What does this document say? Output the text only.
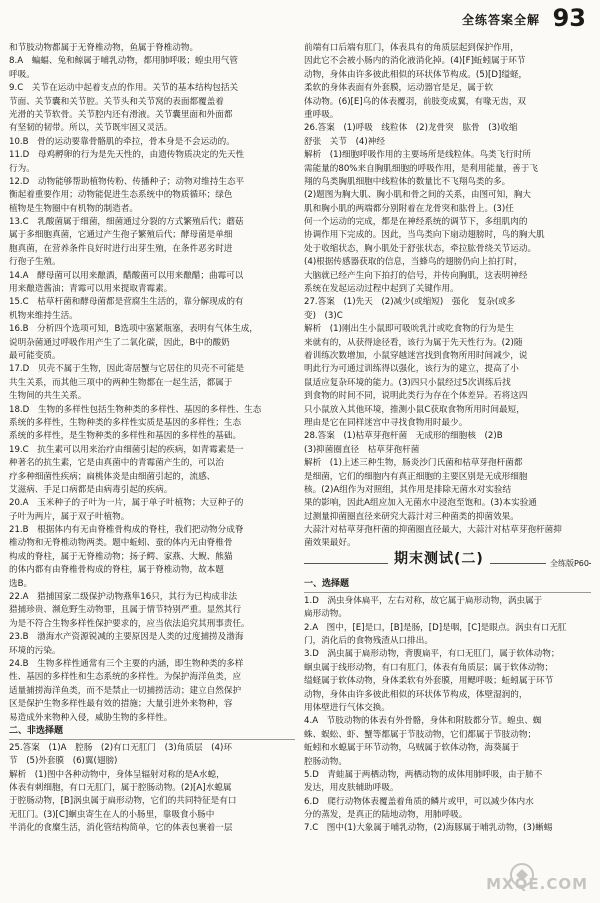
全练答案全解 93
和节肢动物都属于无脊椎动物，鱼属于脊椎动物。
8.A　蝙蝠、兔和鲸属于哺乳动物，都用肺呼吸；蝗虫用气管
呼吸。
9.C　关节在运动中起着支点的作用。关节的基本结构包括关
节面、关节囊和关节腔。关节头和关节窝的表面都覆盖着
光滑的关节软骨。关节腔内还有滑液。关节囊里面和外面都
有坚韧的韧带。所以，关节既牢固又灵活。
10.B　骨的运动要靠骨骼肌的牵拉，骨本身是不会运动的。
11.D　母鸡孵卵的行为是先天性的，由遗传物质决定的先天性
行为。
12.D　动物能够帮助植物传粉、传播种子；动物对维持生态平
衡起着重要作用；动物能促进生态系统中的物质循环；绿色
植物是生物圈中有机物的制造者。
13.C　乳酸菌属于细菌，细菌通过分裂的方式繁殖后代；蘑菇
属于多细胞真菌，它通过产生孢子繁殖后代；酵母菌是单细
胞真菌，在营养条件良好时进行出芽生殖，在条件恶劣时进
行孢子生殖。
14.A　酵母菌可以用来酿酒，醋酸菌可以用来酿醋；曲霉可以
用来酿造酱油；青霉可以用来提取青霉素。
15.C　枯草杆菌和酵母菌都是营腐生生活的，靠分解现成的有
机物来维持生活。
16.B　分析四个选项可知，B选项中塞紧瓶塞，表明有气体生成，
说明杂菌通过呼吸作用产生了二氧化碳，因此，B中的酸奶
最可能变质。
17.D　贝壳不属于生物，因此寄居蟹与它居住的贝壳不可能是
共生关系，而其他三项中的两种生物都在一起生活，都属于
生物间的共生关系。
18.D　生物的多样性包括生物种类的多样性、基因的多样性、生态
系统的多样性，生物种类的多样性实质是基因的多样性；生态
系统的多样性，是生物种类的多样性和基因的多样性的基础。
19.C　抗生素可以用来治疗由细菌引起的疾病，如青霉素是一
种著名的抗生素，它是由真菌中的青霉菌产生的，可以治
疗多种细菌性疾病；扁桃体炎是由细菌引起的，流感、
艾滋病、手足口病都是由病毒引起的疾病。
20.A　玉米种子的子叶为一片，属于单子叶植物；大豆种子的
子叶为两片，属于双子叶植物。
21.B　根据体内有无由脊椎骨构成的脊柱，我们把动物分成脊
椎动物和无脊椎动物两类。题中蚯蚓、蚕的体内无由脊椎骨
构成的脊柱，属于无脊椎动物；扬子鳄、家燕、大鲵、熊猫
的体内都有由脊椎骨构成的脊柱，属于脊椎动物，故本题
选B。
22.A　猎捕国家二级保护动物燕隼16只，其行为已构成非法
猎捕珍贵、濒危野生动物罪，且属于情节特别严重。显然其行
为是不符合生物多样性保护要求的，应当依法追究其刑事责任。
23.B　渤海水产资源锐减的主要原因是人类的过度捕捞及渤海
环境的污染。
24.B　生物多样性通常有三个主要的内涵，即生物种类的多样
性、基因的多样性和生态系统的多样性。为保护海洋鱼类，应
适量捕捞海洋鱼类，而不是禁止一切捕捞活动；建立自然保护
区是保护生物多样性最有效的措施；大量引进外来物种，容
易造成外来物种入侵，威胁生物的多样性。
二、非选择题
25.答案　(1)A　腔肠　(2)有口无肛门　(3)角质层　(4)环
节　(5)外套膜　(6)翼(翅膀)
解析　(1)图中各种动物中，身体呈辐射对称的是A水螅，
体表有刺细胞，有口无肛门，属于腔肠动物。(2)[A]水螅属
于腔肠动物，[B]涡虫属于扁形动物，它们的共同特征是有口
无肛门。(3)[C]蛔虫寄生在人的小肠里，靠吸食小肠中
半消化的食糜生活，消化管结构简单，它的体表包裹着一层
前端有口后端有肛门，体表具有的角质层起到保护作用，
因此它不会被小肠内的消化液消化掉。(4)[F]蚯蚓属于环节
动物，身体由许多彼此相似的环状体节构成。(5)[D]缢蛏，
柔软的身体表面有外套膜，运动器官是足，属于软
体动物。(6)[E]乌的体表覆羽，前肢变成翼，有喙无齿，双
重呼吸。
26.答案　(1)呼吸　线粒体　(2)龙骨突　肱骨　(3)收缩
舒张　关节　(4)神经
解析　(1)细胞呼吸作用的主要场所是线粒体。鸟类飞行时所
需能量的80%来自胸肌细胞的呼吸作用，是利用能量，善于飞
翔的鸟类胸肌细胞中线粒体的数量比不飞翔鸟类的多。
(2)题图为胸大肌、胸小肌和骨之间的关系，由图可知，胸大
肌和胸小肌的两端都分别附着在龙骨突和肱骨上。(3)任
何一个运动的完成，都是在神经系统的调节下，多组肌肉的
协调作用下完成的。因此，当鸟类向下扇动翅膀时，鸟的胸大肌
处于收缩状态，胸小肌处于舒张状态，牵拉肱骨绕关节运动。
(4)根据传感器获取的信息，当蜂鸟的翅膀仍向上拍打时，
大脑就已经产生向下拍打的信号，并传向胸肌，这表明神经
系统在发起运动过程中起到了关键作用。
27.答案　(1)先天　(2)减少(或缩短)　强化　复杂(或多
变)　(3)C
解析　(1)刚出生小鼠即可吸吮乳汁或吃食物的行为是生
来就有的，从获得途径看，该行为属于先天性行为。(2)随
着训练次数增加，小鼠穿越迷宫找到食物所用时间减少，说
明此行为可通过训练得以强化，该行为的建立，提高了小
鼠适应复杂环境的能力。(3)四只小鼠经过5次训练后找
到食物的时间不同，说明此类行为存在个体差异。若将这四
只小鼠放入其他环境，推测小鼠C获取食物所用时间最短，
理由是它在同样迷宫中寻找食物用时最少。
28.答案　(1)枯草芽孢杆菌　无成形的细胞核　(2)B
(3)抑菌圈直径　枯草芽孢杆菌
解析　(1)上述三种生物，肠炎沙门氏菌和枯草芽孢杆菌都
是细菌，它们的细胞内有真正细胞的主要区别是无成形细胞
核。(2)A组作为对照组，其作用是排除无菌水对实验结
果的影响，因此A组应加入无菌水中浸泡至饱和。(3)本实验通
过测量抑菌圈直径来研究大蒜汁对三种菌类的抑菌效果。
大蒜汁对枯草芽孢杆菌的抑菌圈直径最大，大蒜汁对枯草芽孢杆菌抑
菌效果最好。
期末测试(二)	全练版P60
一、选择题
1.D　涡虫身体扁平，左右对称，故它属于扁形动物，涡虫属于
扁形动物。
2.A　图中，[E]是口，[B]是肠，[D]是咽，[C]是眼点。涡虫有口无肛
门，消化后的食物残渣从口排出。
3.D　涡虫属于扁形动物，背腹扁平，有口无肛门，属于软体动物；
蛔虫属于线形动物，有口有肛门，体表有角质层；属于软体动物；
缢蛏属于软体动物，身体柔软有外套膜，用鳃呼吸；蚯蚓属于环节
动物，身体由许多彼此相似的环状体节构成，体壁湿润的，
用体壁进行气体交换。
4.A　节肢动物的体表有外骨骼，身体和附肢都分节。蝗虫、蜘
蛛、蜈蚣、虾、蟹等都属于节肢动物，它们都属于节肢动物；
蚯蚓和水螅属于环节动物，乌贼属于软体动物，海葵属于
腔肠动物。
5.D　青蛙属于两栖动物，两栖动物的成体用肺呼吸，由于肺不
发达，用皮肤辅助呼吸。
6.D　爬行动物体表覆盖着角质的鳞片或甲，可以减少体内水
分的蒸发，是真正的陆地动物，用肺呼吸。
7.C　图中(1)大象属于哺乳动物，(2)海豚属于哺乳动物，(3)蜥蜴
MXQE.COM
